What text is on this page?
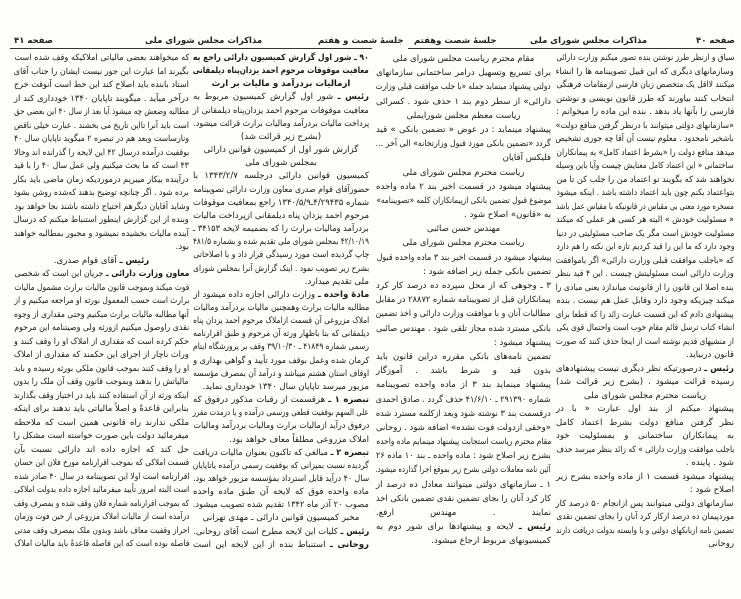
صفحه ۴۱	مذاکرات مجلس شورای ملی	جلسهٔ شصت و هفتم
۹۰ ـ شور اول گزارش کمیسیون دارائی راجع به
معافیت موقوفات مرحوم احمد یزدان‌پناه دیلمقانی
ازمالیات بردرآمد و مالیات بر ارث
رئیس ـ شور اول گزارش کمیسیون مربوط به
معافیت موقوفات مرحوم احمد یزدان‌پناه دیلمقانی از
پرداخت مالیات بردرآمد ومالیات برارث قرائت میشود.
(بشرح زیر قرائت شد)
گزارش شور اول از کمیسیون قوانین دارائی
بمجلس شورای ملی
کمیسیون قوانین دارائی درجلسه ۱۳۴۳/۲/۷ با
حضورآقای قوام صدری معاون وزارت دارائی تصویبنامه
شماره ۴/۲۹۴۳۵ـ۱۳۴۰/۵/۹ راجع بمعافیت موقوفات
مرحوم احمد یزدان پناه دیلمقانی ازپرداخت مالیات
بردرآمد ومالیات برارث را که بضمیمه لایحه ۳۴۱۵۳ ـ
۴۲/۱۰/۱۹ بمجلس شورای ملی تقدیم شده و بشماره ۴۸۱/۵
چاپ گردیده است مورد رسیدگی قرار داد و با اصلاحاتی
بشرح زیر تصویب نمود . اینک گزارش آنرا بمجلس شورای
ملی تقدیم میدارد.
مادهٔ واحده ـ وزارت دارائی اجازه داده میشود از
مطالبه مالیات برارث وهمچنین مالیات بردرآمد ومالیات
املاک مزروعی آن قسمت ازاملاک مرحوم احمد یزدان پناه
دیلمقانی که بنا باظهار ورثه آن مرحوم و طبق اقرارنامه
رسمی شماره ۴۱۸۴۹ ـ ۳۹/۱۰/۳۰ وقف بر پرورشگاه ایتام
کرمان شده وعمل بوقف مورد تأیید و گواهی بهداری و
اوقاف استان هشتم میباشد و درآمد آن بمصرف مؤسسه
مزبور میرسد تاپایان سال ۱۳۴۰ خودداری نماید.
تبصره ۱ ـ هرقسمت از رقبات مذکور درفوق که
علی السهم بوقفیت قطعی ورسمی درآمده و یا درمدت مقرر
درفوق درآید ازمالیات برارث ومالیات بردرآمد ومالیات
املاک مزروعی مطلقاً معاف خواهد بود.
تبصره ۲ ـ مبالغی که تاکنون بعنوان مالیات دریافت
گردیده نسبت بمیزانی که بوقفیت رسمی درآمده یاتاپایان
سال ۴۰ درآید قابل استرداد بمؤسسه مزبور خواهد بود.
ماده واحده فوق که لایحه آن طبق ماده واحده
مصوب ۲۰ آذر ماه ۱۳۴۲ تقدیم شده تصویب میشود.
مخبر کمیسیون قوانین دارائی ـ مهدی تهرانی
رئیس ـ کلیات این لایحه مطرح است آقای روحانی.
روحانی ـ استنباط بنده از این لایحه این است
که میخواهند بعضی مالیاتی املاکیکه وقف شده است
بگیرند اما عبارت این جور نیست ایشان را جناب آقای
استاد بابنده باید اصلاح کند این خط است آنوقت خرج
درآخر میآید . میگویند تاپایان ۱۳۴۰ خودداری کند از
مطالبه وضعش چه میشود آیا بعد از سال ۴۰ این بعضی حق
است باید آنرا تااین تاریخ می بخشند . عبارت خیلی ناقص
ونارساست وبعد هم در تبصره ۲ میگوید تاپایان سال ۴۰
بوقفیت درآمده درسال ۴۲ این لایحه را گذرانده اند وحالا
۴۳ است که ما بحث میکنیم ولی عمل سال ۴۰ را با قید
درآینده بیکار میبریم درموردیکه زمان ماضی باید بکار
برده شود . اگر چنانچه توضیح بدهند که‌شده روشن بشود
وشاید آقایان دیگرهم احتیاج داشته باشند بجا خواهد بود
وبنده از این گزارش اینطور استنباط میکنم که درسال
آینده مالیات بخشیده نمیشود و مجبور بمطالبه خواهند
بود.
رئیس ـ آقای قوام صدری.
معاون وزارت دارائی ـ جریان این است که شخصی
فوت میکند وبموجب قانون مالیات برارث مشمول مالیات
برارث است حسب المعمول بورثه او مراجعه میکنیم و از
آنها مطالبه مالیات برارث میکنیم وحتی مقداری از وجوه
نقدی راوصول میکنیم ازورثه ولی وصیتنامه این مرحوم
حکم کرده است که مقداری از املاک او را وقف کنند و
وراث ناچار از اجرای این حکمند که مقداری از املاک
او را وقف کنند بموجب قانون ملکی بورثه رسیده و باید
مالیاتش را بدهند وبموجب قانون وقف آن ملک را بدون
اینکه ورثه از آن استفاده کنند باید در اختیار وقف بگذارند
بنابراین قاعدةً و اصلاً مالیاتی باید ندهند برای اینکه
ملکی ندارند راه قانونی همین است که ملاحظه
میفرمائید دولت باین صورت خواسته است مشکل را
حل کند که اجازه داده اند دارائی نسبت بآن
قسمت املاکی که بموجب اقرارنامه مورخ فلان این حسان
اقرارنامه است اولا این تصویبنامه در سال ۴۰ صادر شده
است البته امروز تأیید میفرمائید اجازه داده بدولت املاکی
که بموجب اقرارنامه شماره فلان وقف شده و بمصرف وقف
درآمده است از مالیات املاک مزروعی از حین فوت وزمان
احراز وقفیت معاف باشد وبدون ملک بمصرف وقف مدتی
فاصله بوده است که این فاصله قاعدةً باید مالیات املاک
جلسهٔ شصت وهفتم	مذاکرات مجلس شورای ملی	صفحه ۴۰
سیاق و ازنظر طرز نوشتن بنده تصور میکنم وزارت دارائی
وسازمانهای دیگری که این قبیل تصویبنامه ها را انشاء
میکنند لااقل یک متخصص زبان فارسی ازمقامات فرهنگی
انتخاب کنند بیاورند که طرز قانون نویسی و نوشتن
فارسی را بآنها یاد بدهد . بنده این ماده را میخوانم :
«سازمانهای دولتی میتوانند با درنظر گرفتن منافع دولت»
باشخیر نامحدود . معلوم نیست آن آقا چه جوری تشخیص
میدهد منافع دولت را «بشرط اعتماد کامل» به پیمانکاران
ساختمانی « این اعتماد کامل معنایش چیست وآیا باین وسیله
نخواهند شد که بگویند تو اعتماد من را جلب کن تا من
بتواعتماد بکنم چون باید اعتماد داشته باشد . اینکه میشود
مسخره مورد معنی بی مقیاس در قانونیکه با مقیاس عمل باشد
« مسئولیت خودش » البته هر کسی هر عملی که میکند
مسئولیت خودش است مگر یک صاحب مسئولیتی در دنیا
وجود دارد که ما این را قید کردیم تازه این نکته را هم دارد
که «باجلب موافقت قبلی وزارت دارائی» اگر باموافقت
وزارت دارائی است مسئولیتش چیست . این ۴ قید بنظر
بنده اصلا این قانون را از قانونیت میاندازد یعنی مبادی را
میکند چیزیکه وجود دارد وقابل عمل هم نیست . بنده
پیشنهادی دادم که این قسمت عبارت زائد را که قطعا برای
انشاء کتاب ترسل قائم مقام خوب است واحتمال قوی یکی
از منشیهای قدیم نوشته است از اینجا حذف کنند که صورت
قانون دربیاید.
رئیس ـ درصورتیکه نظر دیگری نیست پیشنهادهای
رسیده قرائت میشود . (بشرح زیر قرائت شد)
ریاست محترم مجلس شورای ملی
پیشنهاد میکنم از بند اول عبارت « با در
نظر گرفتن منافع دولت بشرط اعتماد کامل
به پیمانکاران ساختمانی و بمسئولیت خود
باجلب موافقت وزارت دارائی » که زائد بنظر میرسد حذف
شود . پاینده .
پیشنهاد میشود قسمت ۱ از ماده واحده بشرح زیر
اصلاح شود :
سازمانهای دولتی میتوانند پس ازانجام ۵۰ درصد کار
موردپیمان ده درصد ازکار کرد آنان را بجای تضمین نقدی
تضمین نامه ازبانکهای دولتی و یا وابسته بدولت دریافت دارند
روحانی
مقام محترم ریاست مجلس شورای ملی
برای تسریع وتسهیل درامر ساختمانی سازمانهای
دولتی پیشنهاد مینماید جمله «با جلب موافقت قبلی وزارت
دارائی» از سطر دوم بند ۱ حذف شود . کسرائی
ریاست معظم مجلس شورایملی
پیشنهاد مینماید : در عوض « تضمین بانکی » قید
گردد «تضمین بانکی مورد قبول وزارتخانه» الی آخر ...
فلیکس آقایان
ریاست محترم مجلس شورای ملی
پیشنهاد میشود در قسمت اخیر بند ۲ ماده واحده
موضوع قبول تضمین بانکی ازپیمانکاران کلمه «تصویبنامه»
به «قانون» اصلاح شود .
مهندس حسن صائبی
ریاست محترم مجلس شورای ملی
پیشنهاد میشود در قسمت اخیر بند ۳ ماده واحده قبول
تضمین بانکی جمله زیر اضافه شود :
۳ ـ وجوهی که از محل سپرده ده درصد کار کرد
پیمانکاران قبل از تصویبنامه شماره ۲۸۸۷۲ در مقابل
مطالبات آنان و با موافقت وزارت دارائی و اخذ تضمین
بانکی مسترد شده مجاز تلقی شود . مهندس صائبی
پیشنهاد میشود :
تضمین نامه‌های بانکی مقرره دراین قانون باید
بدون قید و شرط باشد . آموزگار
پیشنهاد مینماید بند ۳ از ماده واحده تصویبنامه
شماره ۲۹۱۳۹۰ ـ ۴۱/۶/۱۰ حذف گردد . صادق احمدی
درقسمت بند ۳ نوشته شود وبعد ازکلمه مسترد شده
«وحقی ازدولت فوت نشده» اضافه شود . روحانی
مقام محترم ریاست استجابت پیشنهاد مینمایم ماده واحده
بشرح زیر اصلاح شود : ماده واحده ـ بند ۱۰ ماده ۲۶
آئین نامه معاملات دولتی بشرح زیر بموقع اجرا گذارده میشود.
۱ ـ سازمانهای دولتی میتوانند معادل ده درصد از
کار کرد آنان را بجای تضمین نقدی تضمین بانکی اخذ
نمایند . مهندس ارفع.
رئیس ـ لایحه و پیشنهادها برای شور دوم به
کمیسیونهای مربوط ارجاع میشود.
